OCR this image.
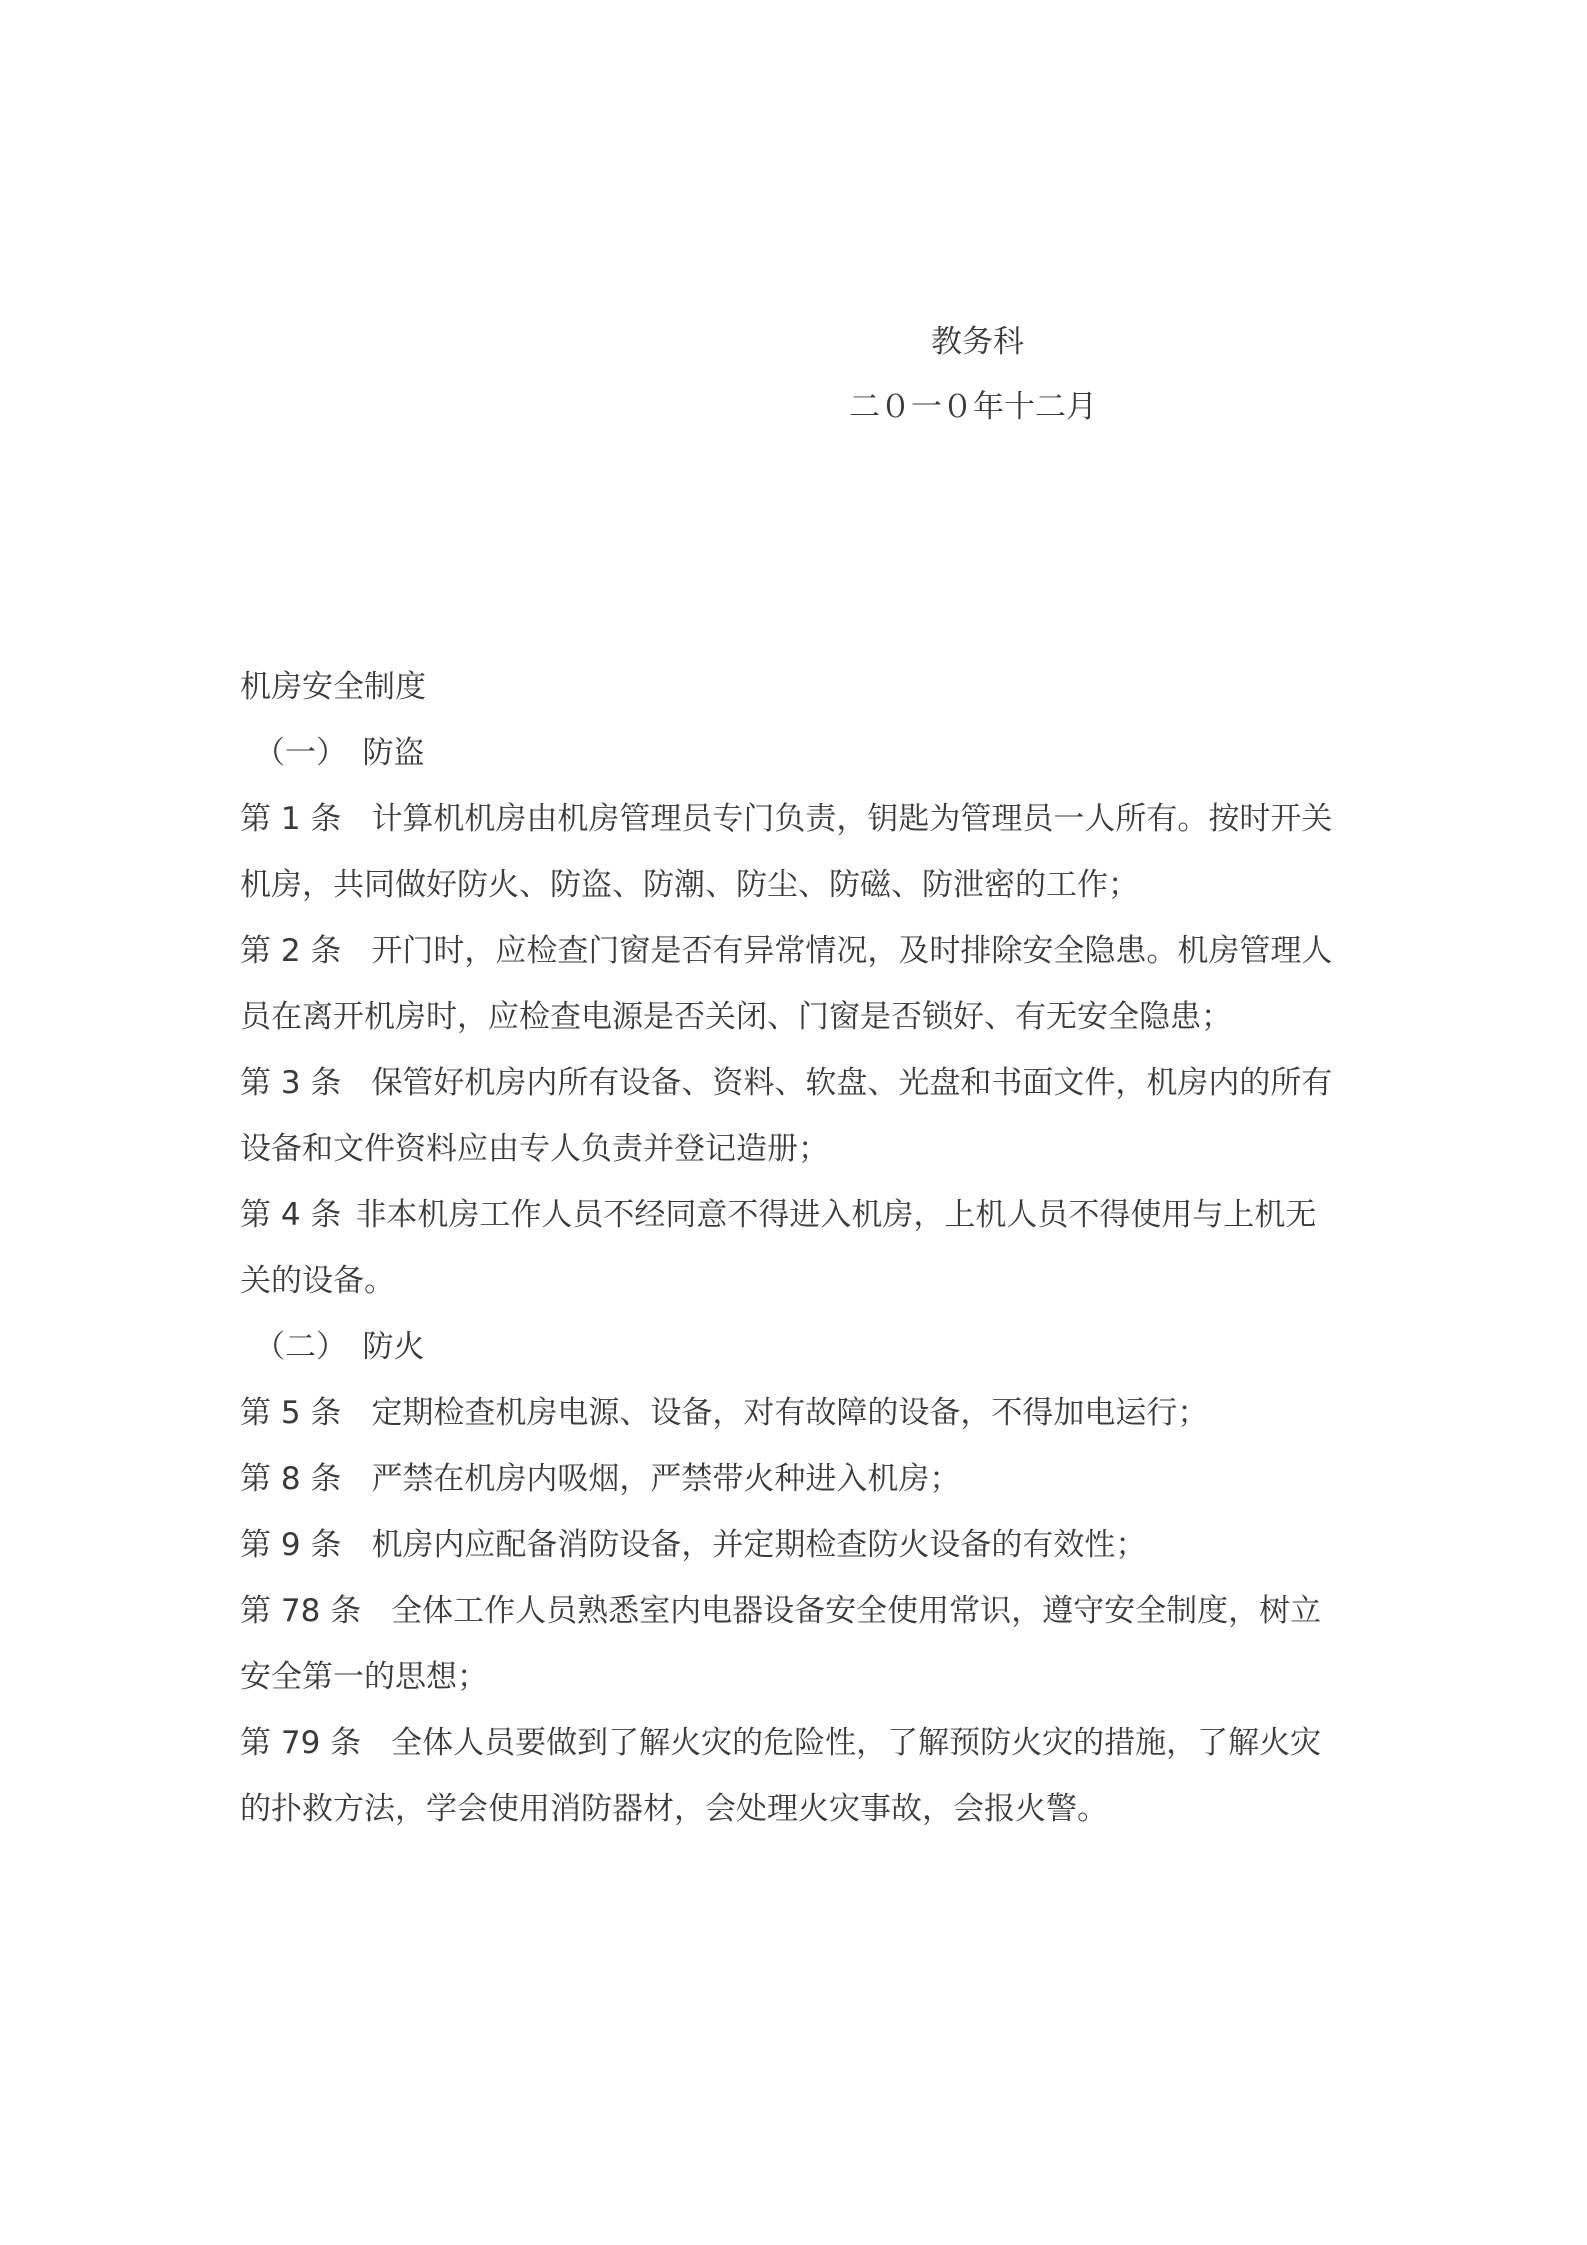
教务科
二０一０年十二月
机房安全制度
（一）　防盗
第 1 条 计算机机房由机房管理员专门负责，钥匙为管理员一人所有。按时开关
机房，共同做好防火、防盗、防潮、防尘、防磁、防泄密的工作；
第 2 条 开门时，应检查门窗是否有异常情况，及时排除安全隐患。机房管理人
员在离开机房时，应检查电源是否关闭、门窗是否锁好、有无安全隐患；
第 3 条 保管好机房内所有设备、资料、软盘、光盘和书面文件，机房内的所有
设备和文件资料应由专人负责并登记造册；
第 4 条 非本机房工作人员不经同意不得进入机房，上机人员不得使用与上机无
关的设备。
（二）　防火
第 5 条 定期检查机房电源、设备，对有故障的设备，不得加电运行；
第 8 条 严禁在机房内吸烟，严禁带火种进入机房；
第 9 条 机房内应配备消防设备，并定期检查防火设备的有效性；
第 78 条 全体工作人员熟悉室内电器设备安全使用常识，遵守安全制度，树立
安全第一的思想；
第 79 条 全体人员要做到了解火灾的危险性，了解预防火灾的措施，了解火灾
的扑救方法，学会使用消防器材，会处理火灾事故，会报火警。
